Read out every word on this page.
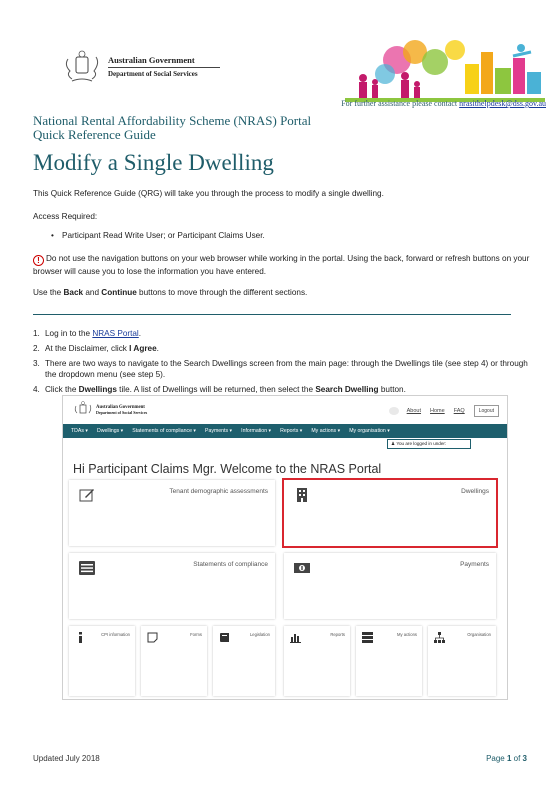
Australian Government
Department of Social Services
For further assistance please contact nrasithelpdesk@dss.gov.au
National Rental Affordability Scheme (NRAS) Portal
Quick Reference Guide
Modify a Single Dwelling
This Quick Reference Guide (QRG) will take you through the process to modify a single dwelling.
Access Required:
• Participant Read Write User; or Participant Claims User.
! Do not use the navigation buttons on your web browser while working in the portal. Using the back, forward or refresh buttons on your browser will cause you to lose the information you have entered.
Use the Back and Continue buttons to move through the different sections.
1. Log in to the NRAS Portal.
2. At the Disclaimer, click I Agree.
3. There are two ways to navigate to the Search Dwellings screen from the main page: through the Dwellings tile (see step 4) or through the dropdown menu (see step 5).
4. Click the Dwellings tile. A list of Dwellings will be returned, then select the Search Dwelling button.
Australian Government
Department of Social Services	About Home FAQ	Logout
TDAs ▾ Dwellings ▾ Statements of compliance ▾ Payments ▾ Information ▾ Reports ▾ My actions ▾ My organisation ▾
♟ You are logged in under:
Hi Participant Claims Mgr. Welcome to the NRAS Portal
Tenant demographic assessments	Dwellings
Statements of compliance	Payments
CPI information	Forms	Legislation	Reports	My actions	Organisation
Updated July 2018	Page 1 of 3
